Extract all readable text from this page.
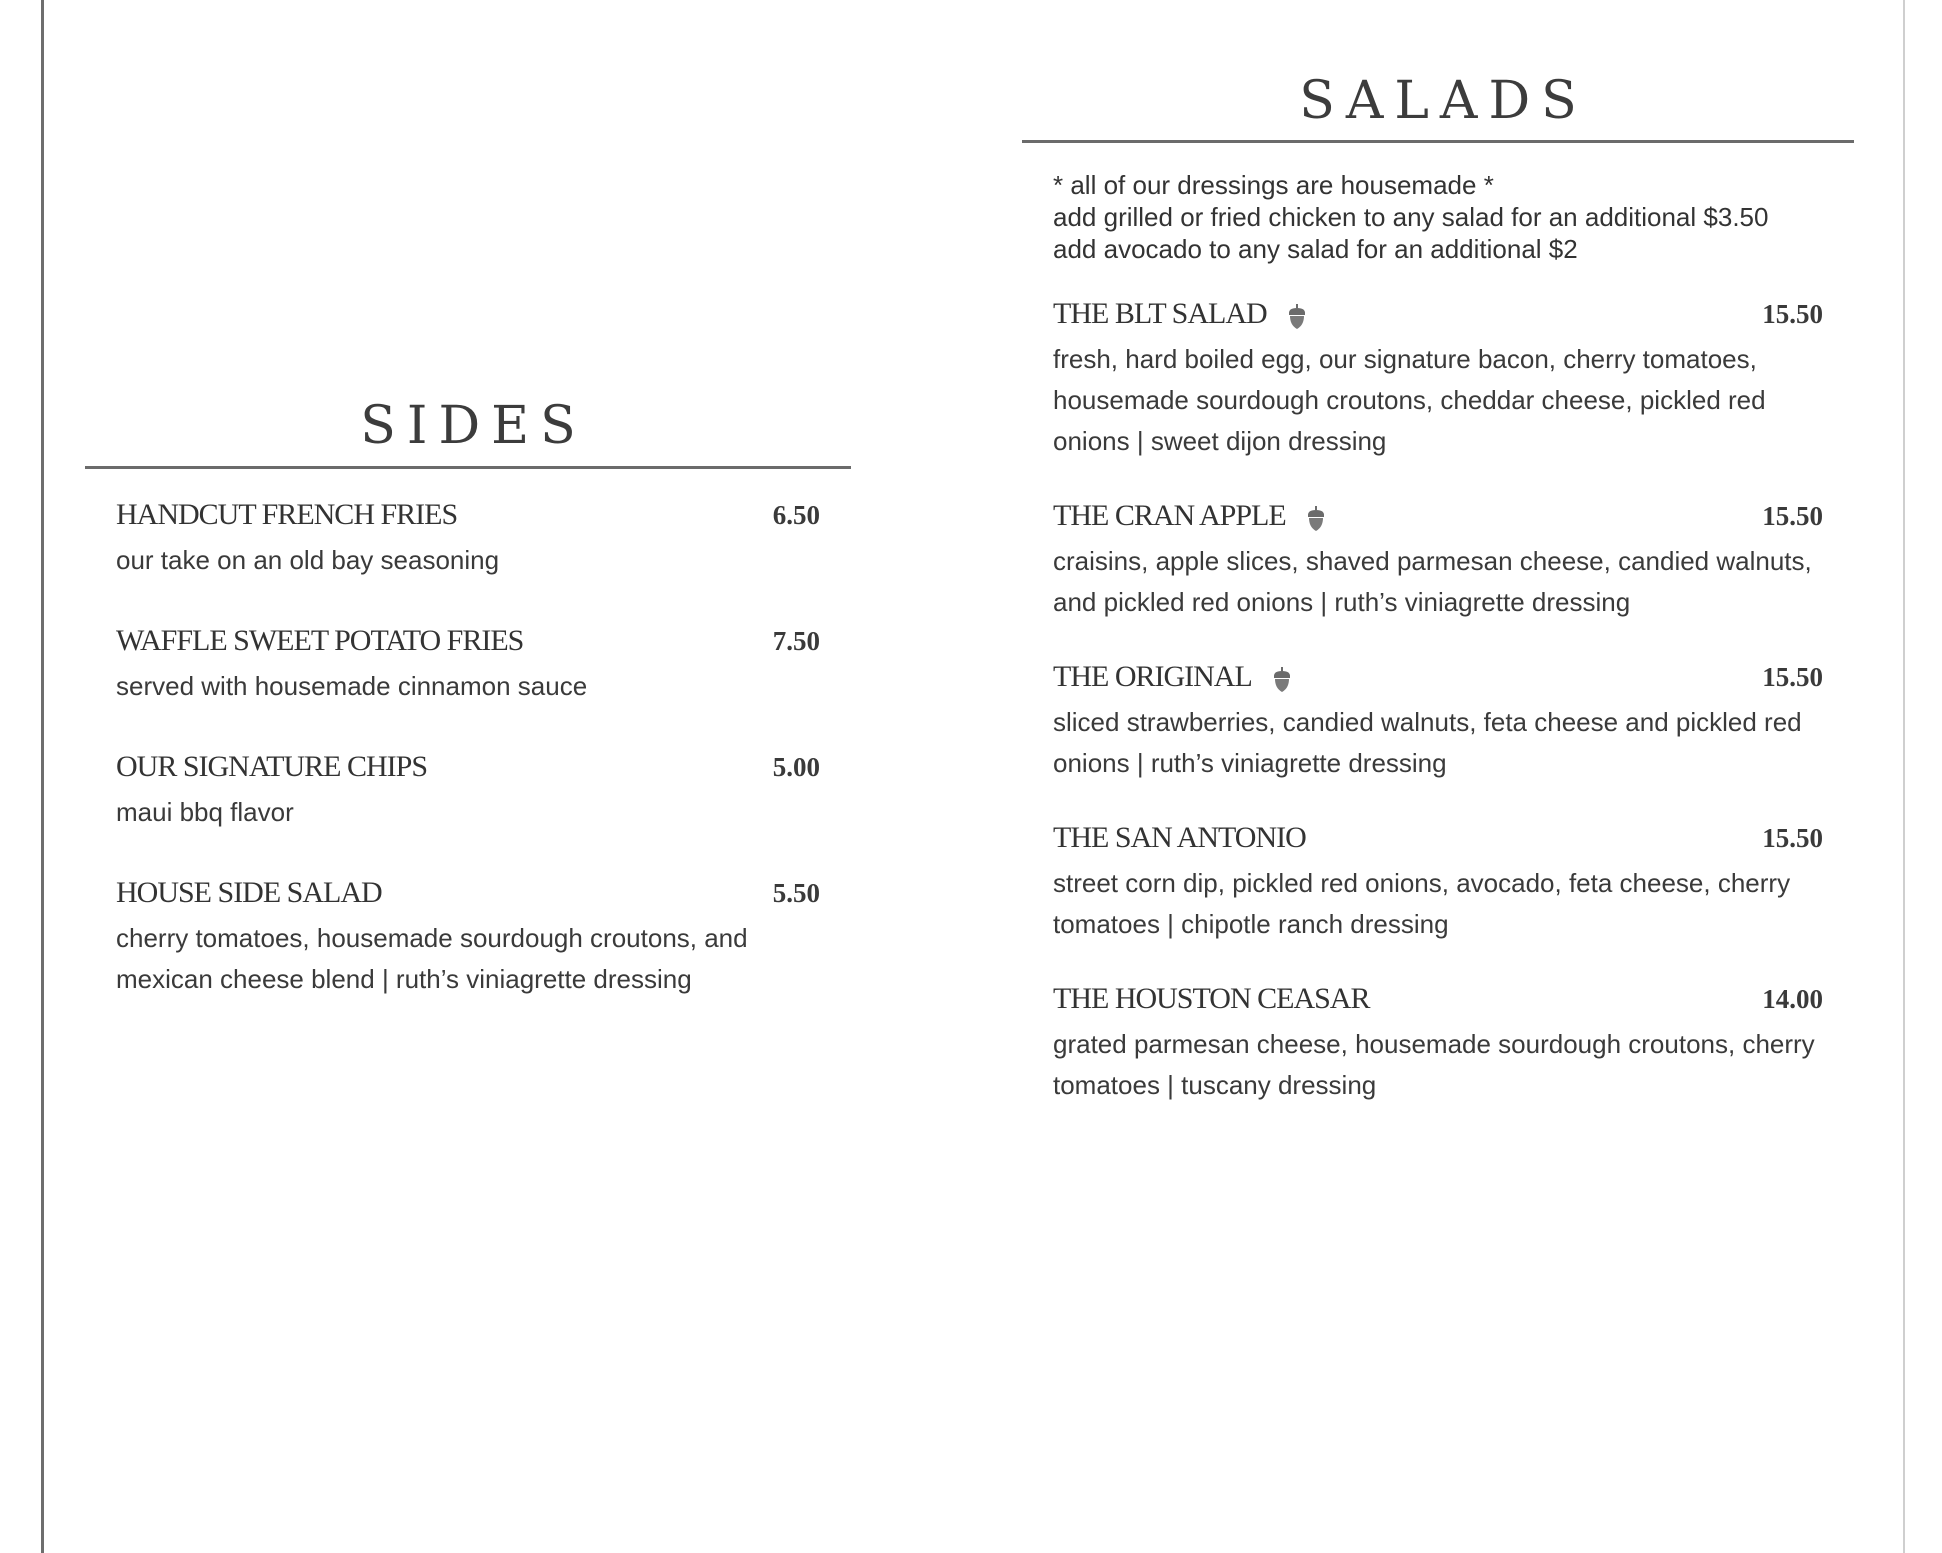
SIDES
HANDCUT FRENCH FRIES	6.50
our take on an old bay seasoning
WAFFLE SWEET POTATO FRIES	7.50
served with housemade cinnamon sauce
OUR SIGNATURE CHIPS	5.00
maui bbq flavor
HOUSE SIDE SALAD	5.50
cherry tomatoes, housemade sourdough croutons, and mexican cheese blend | ruth’s viniagrette dressing
SALADS
* all of our dressings are housemade *
add grilled or fried chicken to any salad for an additional $3.50
add avocado to any salad for an additional $2
THE BLT SALAD	15.50
fresh, hard boiled egg, our signature bacon, cherry tomatoes, housemade sourdough croutons, cheddar cheese, pickled red onions | sweet dijon dressing
THE CRAN APPLE	15.50
craisins, apple slices, shaved parmesan cheese, candied walnuts, and pickled red onions | ruth’s viniagrette dressing
THE ORIGINAL	15.50
sliced strawberries, candied walnuts, feta cheese and pickled red onions | ruth’s viniagrette dressing
THE SAN ANTONIO	15.50
street corn dip, pickled red onions, avocado, feta cheese, cherry tomatoes | chipotle ranch dressing
THE HOUSTON CEASAR	14.00
grated parmesan cheese, housemade sourdough croutons, cherry tomatoes | tuscany dressing
